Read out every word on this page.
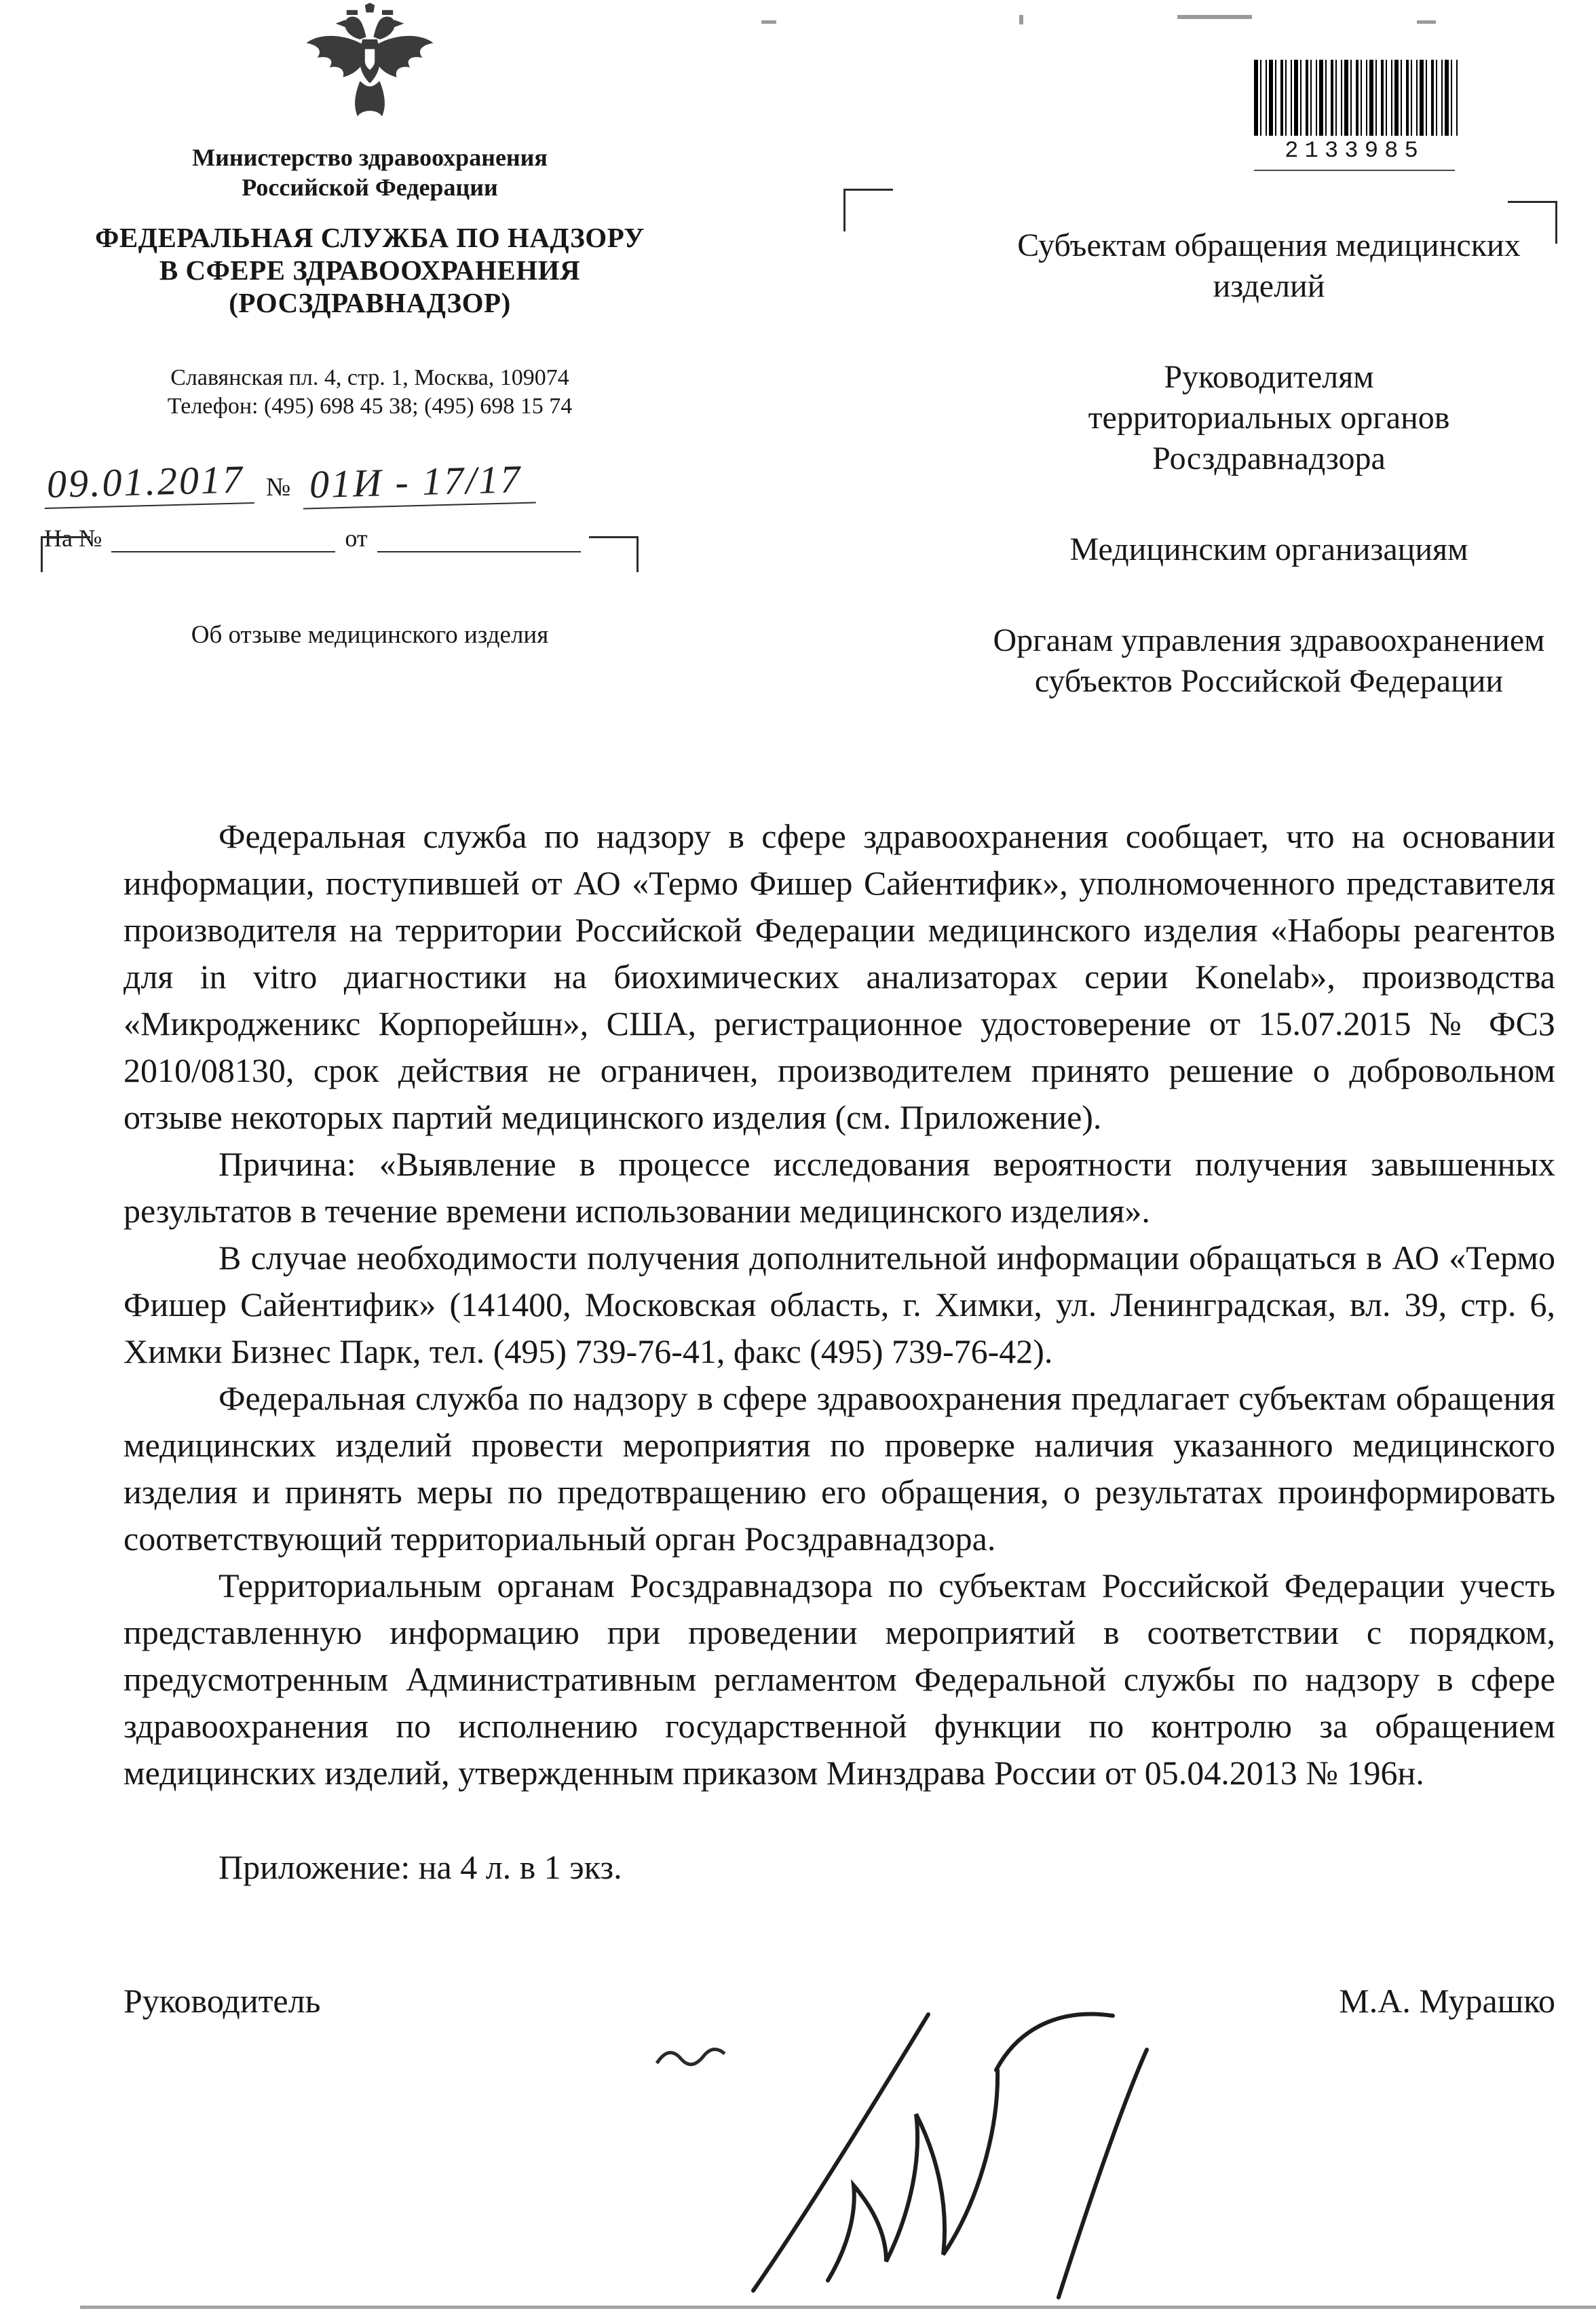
Министерство здравоохранения
Российской Федерации
ФЕДЕРАЛЬНАЯ СЛУЖБА ПО НАДЗОРУ
В СФЕРЕ ЗДРАВООХРАНЕНИЯ
(РОСЗДРАВНАДЗОР)
Славянская пл. 4, стр. 1, Москва, 109074
Телефон: (495) 698 45 38; (495) 698 15 74
09.01.2017 № 01И - 17/17
На №	от
Об отзыве медицинского изделия
2133985
Субъектам обращения медицинских изделий
Руководителям территориальных органов Росздравнадзора
Медицинским организациям
Органам управления здравоохранением субъектов Российской Федерации

Федеральная служба по надзору в сфере здравоохранения сообщает, что на основании информации, поступившей от АО «Термо Фишер Сайентифик», уполномоченного представителя производителя на территории Российской Федерации медицинского изделия «Наборы реагентов для in vitro диагностики на биохимических анализаторах серии Konelab», производства «Микродженикс Корпорейшн», США, регистрационное удостоверение от 15.07.2015 № ФСЗ 2010/08130, срок действия не ограничен, производителем принято решение о добровольном отзыве некоторых партий медицинского изделия (см. Приложение).

Причина: «Выявление в процессе исследования вероятности получения завышенных результатов в течение времени использовании медицинского изделия».

В случае необходимости получения дополнительной информации обращаться в АО «Термо Фишер Сайентифик» (141400, Московская область, г. Химки, ул. Ленинградская, вл. 39, стр. 6, Химки Бизнес Парк, тел. (495) 739-76-41, факс (495) 739-76-42).

Федеральная служба по надзору в сфере здравоохранения предлагает субъектам обращения медицинских изделий провести мероприятия по проверке наличия указанного медицинского изделия и принять меры по предотвращению его обращения, о результатах проинформировать соответствующий территориальный орган Росздравнадзора.

Территориальным органам Росздравнадзора по субъектам Российской Федерации учесть представленную информацию при проведении мероприятий в соответствии с порядком, предусмотренным Административным регламентом Федеральной службы по надзору в сфере здравоохранения по исполнению государственной функции по контролю за обращением медицинских изделий, утвержденным приказом Минздрава России от 05.04.2013 № 196н.

Приложение: на 4 л. в 1 экз.
Руководитель	М.А. Мурашко
